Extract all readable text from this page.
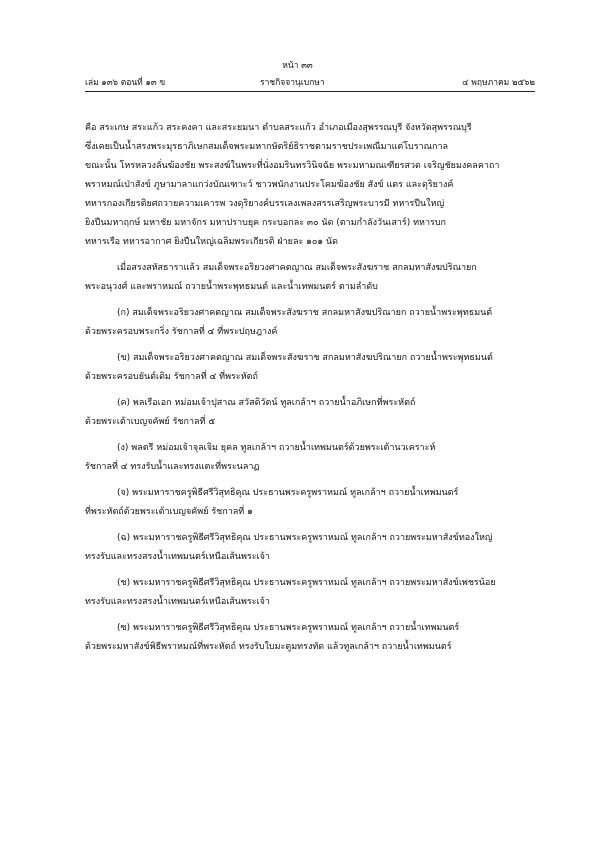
หน้า ๓๓
เล่ม ๑๓๖ ตอนที่ ๑๓ ข	ราชกิจจานุเบกษา	๔ พฤษภาคม ๒๕๖๒
คือ สระเกษ สระแก้ว สระคงคา และสระยมนา ตำบลสระแก้ว อำเภอเมืองสุพรรณบุรี จังหวัดสุพรรณบุรี
ซึ่งเคยเป็นน้ำสรงพระมุรธาภิเษกสมเด็จพระมหากษัตริย์ธิราชตามราชประเพณีมาแต่โบราณกาล
ขณะนั้น โหรหลวงลั่นฆ้องชัย พระสงฆ์ในพระที่นั่งอมรินทรวินิจฉัย พระมหามณเฑียรสวด เจริญชัยมงคลคาถา
พราหมณ์เป่าสังข์ ภูษามาลาแกว่งบัณเฑาะว์ ชาวพนักงานประโคมฆ้องชัย สังข์ แตร และดุริยางค์
ทหารกองเกียรติยศถวายความเคารพ วงดุริยางค์บรรเลงเพลงสรรเสริญพระบารมี ทหารปืนใหญ่
ยิงปืนมหาฤกษ์ มหาชัย มหาจักร มหาปราบยุค กระบอกละ ๓๐ นัด (ตามกำลังวันเสาร์) ทหารบก
ทหารเรือ ทหารอากาศ ยิงปืนใหญ่เฉลิมพระเกียรติ ฝ่ายละ ๑๐๑ นัด
เมื่อสรงสหัสธาราแล้ว สมเด็จพระอริยวงศาคตญาณ สมเด็จพระสังฆราช สกลมหาสังฆปริณายก
พระอนุวงศ์ และพราหมณ์ ถวายน้ำพระพุทธมนต์ และน้ำเทพมนตร์ ตามลำดับ
(ก) สมเด็จพระอริยวงศาคตญาณ สมเด็จพระสังฆราช สกลมหาสังฆปริณายก ถวายน้ำพระพุทธมนต์
ด้วยพระครอบพระกริ่ง รัชกาลที่ ๔ ที่พระปฤษฎางค์
(ข) สมเด็จพระอริยวงศาคตญาณ สมเด็จพระสังฆราช สกลมหาสังฆปริณายก ถวายน้ำพระพุทธมนต์
ด้วยพระครอบยันต์เดิม รัชกาลที่ ๔ ที่พระหัตถ์
(ค) พลเรือเอก หม่อมเจ้าปุสาณ สวัสดิวัตน์ ทูลเกล้าฯ ถวายน้ำอภิเษกที่พระหัตถ์
ด้วยพระเต้าเบญจคัพย์ รัชกาลที่ ๕
(ง) พลตรี หม่อมเจ้าจุลเจิม ยุคล ทูลเกล้าฯ ถวายน้ำเทพมนตร์ด้วยพระเต้านวเคราะห์
รัชกาลที่ ๔ ทรงรับน้ำและทรงแตะที่พระนลาฏ
(จ) พระมหาราชครูพิธีศรีวิสุทธิคุณ ประธานพระครูพราหมณ์ ทูลเกล้าฯ ถวายน้ำเทพมนตร์
ที่พระหัตถ์ด้วยพระเต้าเบญจคัพย์ รัชกาลที่ ๑
(ฉ) พระมหาราชครูพิธีศรีวิสุทธิคุณ ประธานพระครูพราหมณ์ ทูลเกล้าฯ ถวายพระมหาสังข์ทองใหญ่
ทรงรับและทรงสรงน้ำเทพมนตร์เหนือเส้นพระเจ้า
(ช) พระมหาราชครูพิธีศรีวิสุทธิคุณ ประธานพระครูพราหมณ์ ทูลเกล้าฯ ถวายพระมหาสังข์เพชรน้อย
ทรงรับและทรงสรงน้ำเทพมนตร์เหนือเส้นพระเจ้า
(ซ) พระมหาราชครูพิธีศรีวิสุทธิคุณ ประธานพระครูพราหมณ์ ทูลเกล้าฯ ถวายน้ำเทพมนตร์
ด้วยพระมหาสังข์พิธีพราหมณ์ที่พระหัตถ์ ทรงรับใบมะตูมทรงทัด แล้วทูลเกล้าฯ ถวายน้ำเทพมนตร์
